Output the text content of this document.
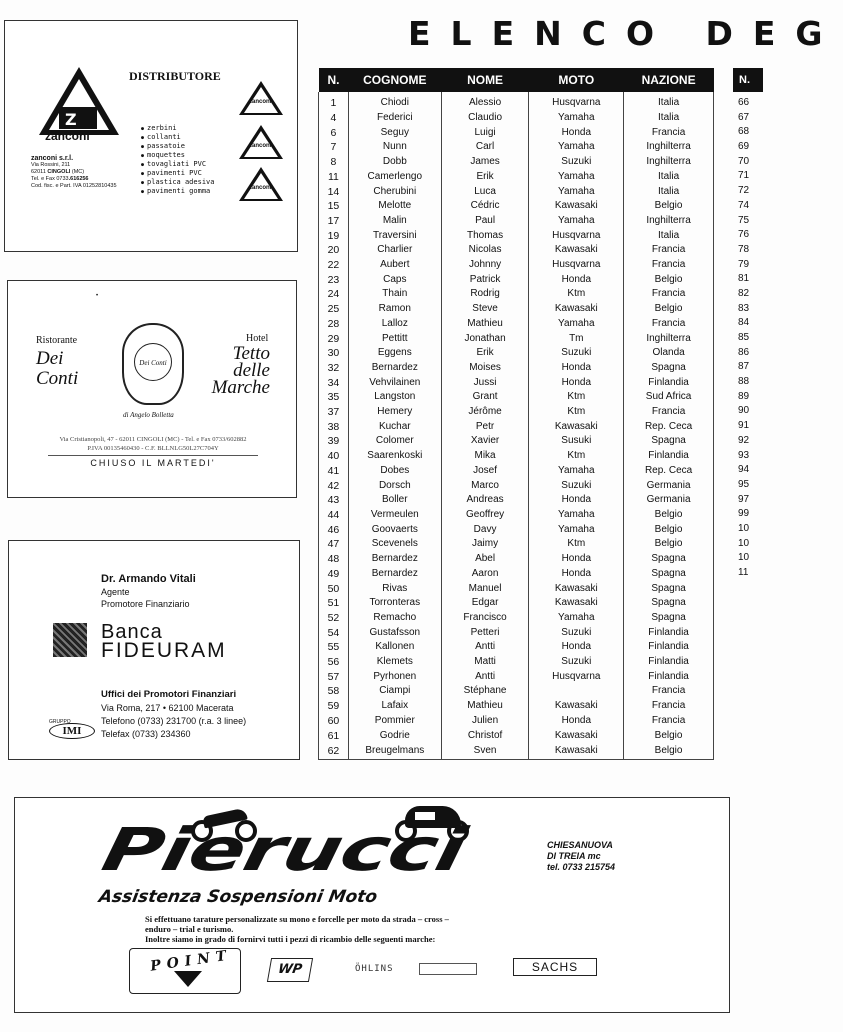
ELENCO DEG
Z
zanconi
DISTRIBUTORE
● zerbini
● collanti
● passatoie
● moquettes
● tovagliati PVC
● pavimenti PVC
● plastica adesiva
● pavimenti gomma
zanconi
zanconi
zanconi
zanconi s.r.l.
Via Rossini, 211
62011 CINGOLI (MC)
Tel. e Fax 0733.616256
Cod. fisc. e Part. IVA 01252810435
•
Ristorante
Dei
Conti
Dei Conti
Hotel
Tetto
delle
Marche
di Angelo Bolletta
Via Cristianopoli, 47 - 62011 CINGOLI (MC) - Tel. e Fax 0733/602882
P.IVA 00135460430 - C.F. BLLNLG50L27C704Y
CHIUSO IL MARTEDI'
Dr. Armando Vitali
Agente
Promotore Finanziario
Banca
FIDEURAM
Uffici dei Promotori Finanziari
Via Roma, 217 • 62100 Macerata
Telefono (0733) 231700 (r.a. 3 linee)
Telefax (0733) 234360
GRUPPO
IMI
N.	COGNOME	NOME	MOTO	NAZIONE
1	Chiodi	Alessio	Husqvarna	Italia
4	Federici	Claudio	Yamaha	Italia
6	Seguy	Luigi	Honda	Francia
7	Nunn	Carl	Yamaha	Inghilterra
8	Dobb	James	Suzuki	Inghilterra
11	Camerlengo	Erik	Yamaha	Italia
14	Cherubini	Luca	Yamaha	Italia
15	Melotte	Cédric	Kawasaki	Belgio
17	Malin	Paul	Yamaha	Inghilterra
19	Traversini	Thomas	Husqvarna	Italia
20	Charlier	Nicolas	Kawasaki	Francia
22	Aubert	Johnny	Husqvarna	Francia
23	Caps	Patrick	Honda	Belgio
24	Thain	Rodrig	Ktm	Francia
25	Ramon	Steve	Kawasaki	Belgio
28	Lalloz	Mathieu	Yamaha	Francia
29	Pettitt	Jonathan	Tm	Inghilterra
30	Eggens	Erik	Suzuki	Olanda
32	Bernardez	Moises	Honda	Spagna
34	Vehvilainen	Jussi	Honda	Finlandia
35	Langston	Grant	Ktm	Sud Africa
37	Hemery	Jérôme	Ktm	Francia
38	Kuchar	Petr	Kawasaki	Rep. Ceca
39	Colomer	Xavier	Susuki	Spagna
40	Saarenkoski	Mika	Ktm	Finlandia
41	Dobes	Josef	Yamaha	Rep. Ceca
42	Dorsch	Marco	Suzuki	Germania
43	Boller	Andreas	Honda	Germania
44	Vermeulen	Geoffrey	Yamaha	Belgio
46	Goovaerts	Davy	Yamaha	Belgio
47	Scevenels	Jaimy	Ktm	Belgio
48	Bernardez	Abel	Honda	Spagna
49	Bernardez	Aaron	Honda	Spagna
50	Rivas	Manuel	Kawasaki	Spagna
51	Torronteras	Edgar	Kawasaki	Spagna
52	Remacho	Francisco	Yamaha	Spagna
54	Gustafsson	Petteri	Suzuki	Finlandia
55	Kallonen	Antti	Honda	Finlandia
56	Klemets	Matti	Suzuki	Finlandia
57	Pyrhonen	Antti	Husqvarna	Finlandia
58	Ciampi	Stéphane		Francia
59	Lafaix	Mathieu	Kawasaki	Francia
60	Pommier	Julien	Honda	Francia
61	Godrie	Christof	Kawasaki	Belgio
62	Breugelmans	Sven	Kawasaki	Belgio
N.
66
67
68
69
70
71
72
74
75
76
78
79
81
82
83
84
85
86
87
88
89
90
91
92
93
94
95
97
99
10
10
10
11
Pierucci
Assistenza Sospensioni Moto
CHIESANUOVA
DI TREIA mc
tel. 0733 215754
Si effettuano tarature personalizzate su mono e forcelle per moto da strada – cross –
enduro – trial e turismo.
Inoltre siamo in grado di fornirvi tutti i pezzi di ricambio delle seguenti marche:
POINT	WP	ÖHLINS	SACHS
